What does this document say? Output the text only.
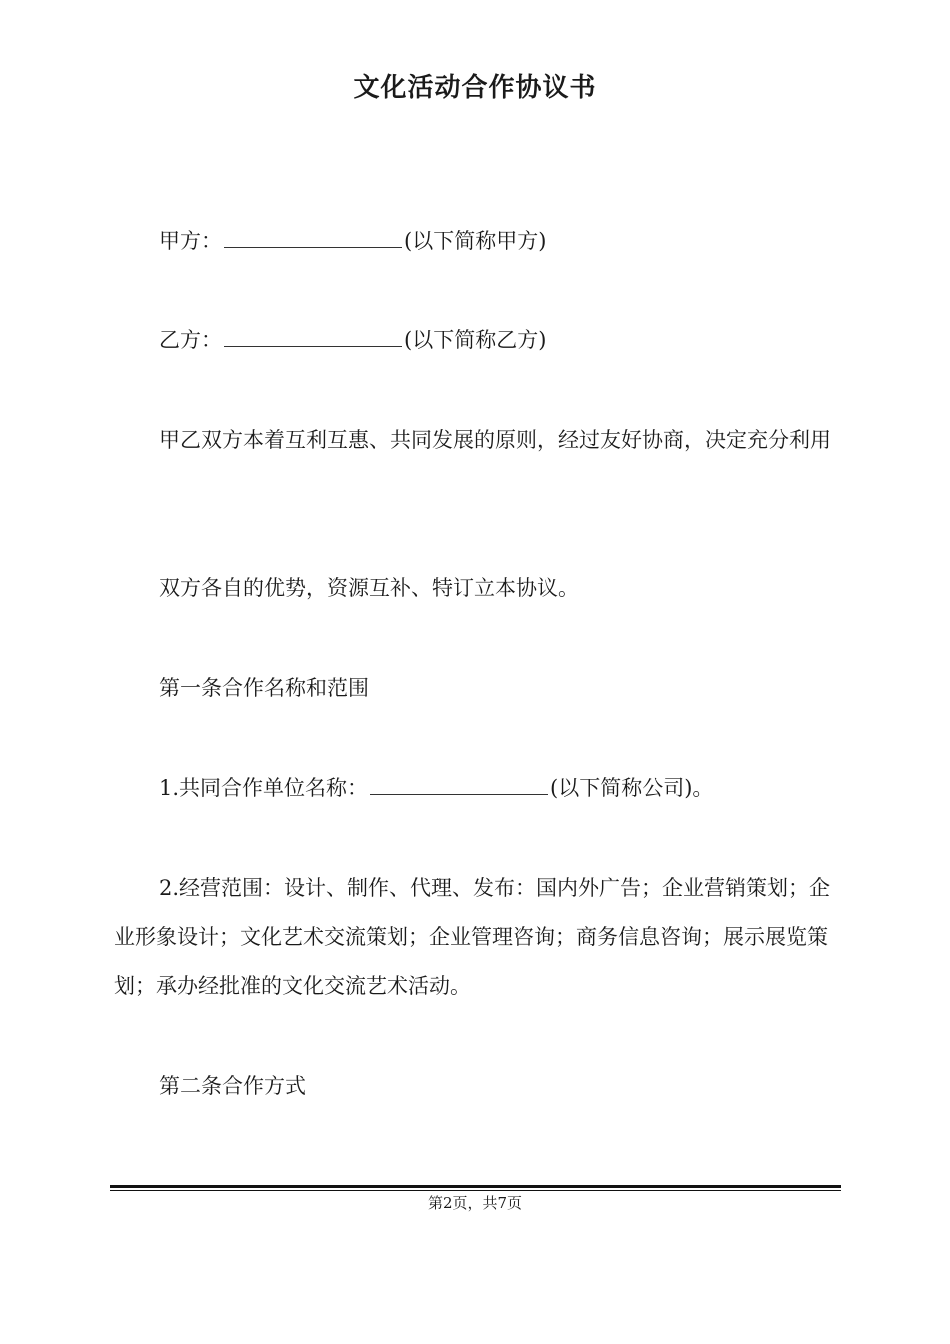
文化活动合作协议书

甲方：	(以下简称甲方)

乙方：	(以下简称乙方)

甲乙双方本着互利互惠、共同发展的原则，经过友好协商，决定充分利用

双方各自的优势，资源互补、特订立本协议。

第一条合作名称和范围

1.共同合作单位名称：	(以下简称公司)。

2.经营范围：设计、制作、代理、发布：国内外广告；企业营销策划；企业形象设计；文化艺术交流策划；企业管理咨询；商务信息咨询；展示展览策划；承办经批准的文化交流艺术活动。

第二条合作方式

第2页，共7页
